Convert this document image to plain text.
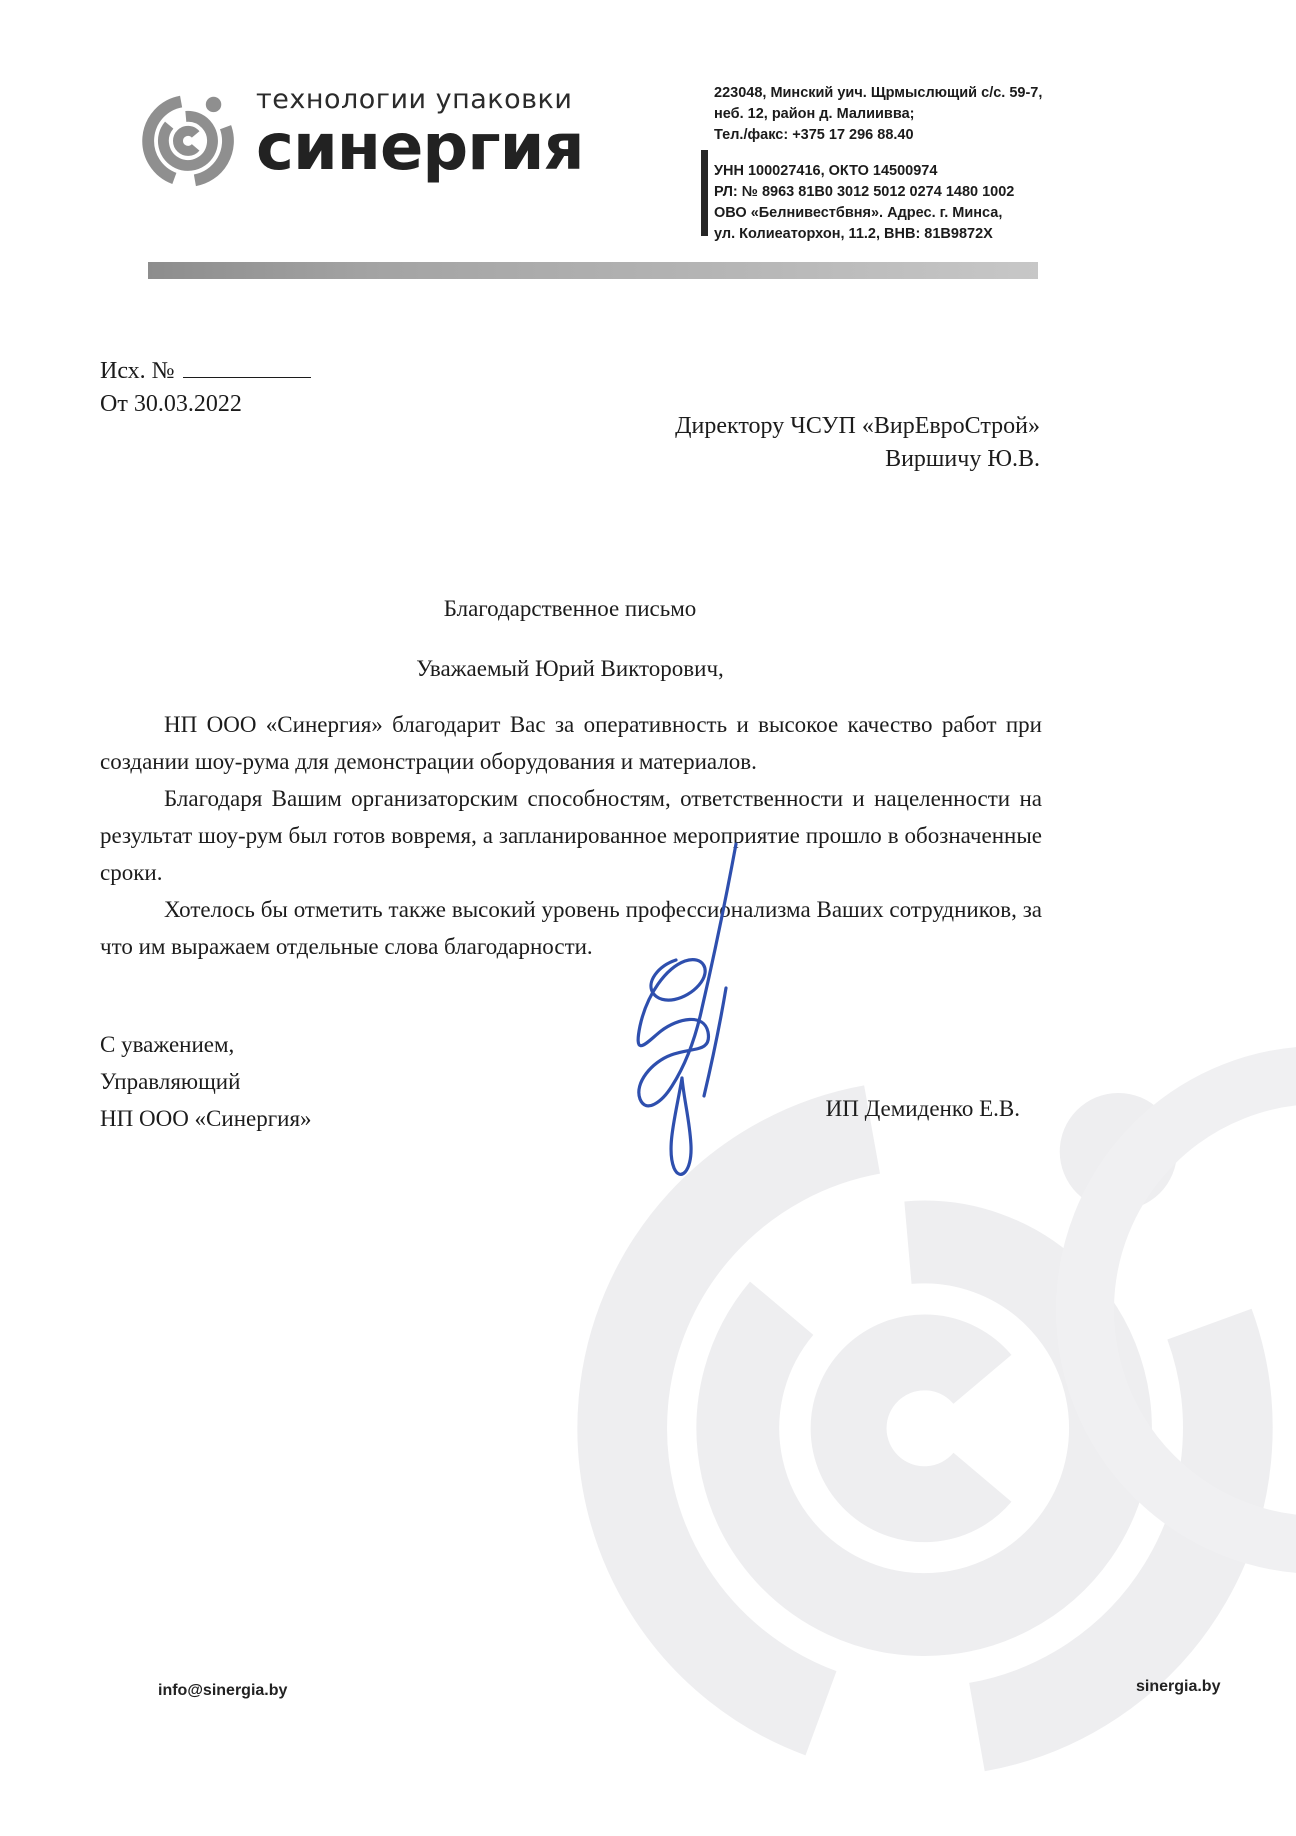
технологии упаковки
синергия
223048, Минский уич. Щрмыслющий с/с. 59-7,
неб. 12, район д. Малиивва;
Тел./факс: +375 17 296 88.40
УНН 100027416, ОКТО 14500974
РЛ: № 8963 81В0 3012 5012 0274 1480 1002
ОВО «Белнивестбвня». Адрес. г. Минса,
ул. Колиеаторхон, 11.2, ВНВ: 81В9872Х
Исх. №
От 30.03.2022
Директору ЧСУП «ВирЕвроСтрой»
Виршичу Ю.В.
Благодарственное письмо
Уважаемый Юрий Викторович,

НП ООО «Синергия» благодарит Вас за оперативность и высокое качество работ при создании шоу-рума для демонстрации оборудования и материалов.

Благодаря Вашим организаторским способностям, ответственности и нацеленности на результат шоу-рум был готов вовремя, а запланированное мероприятие прошло в обозначенные сроки.

Хотелось бы отметить также высокий уровень профессионализма Ваших сотрудников, за что им выражаем отдельные слова благодарности.

С уважением,
Управляющий
НП ООО «Синергия»	ИП Демиденко Е.В.
info@sinergia.by	sinergia.by
